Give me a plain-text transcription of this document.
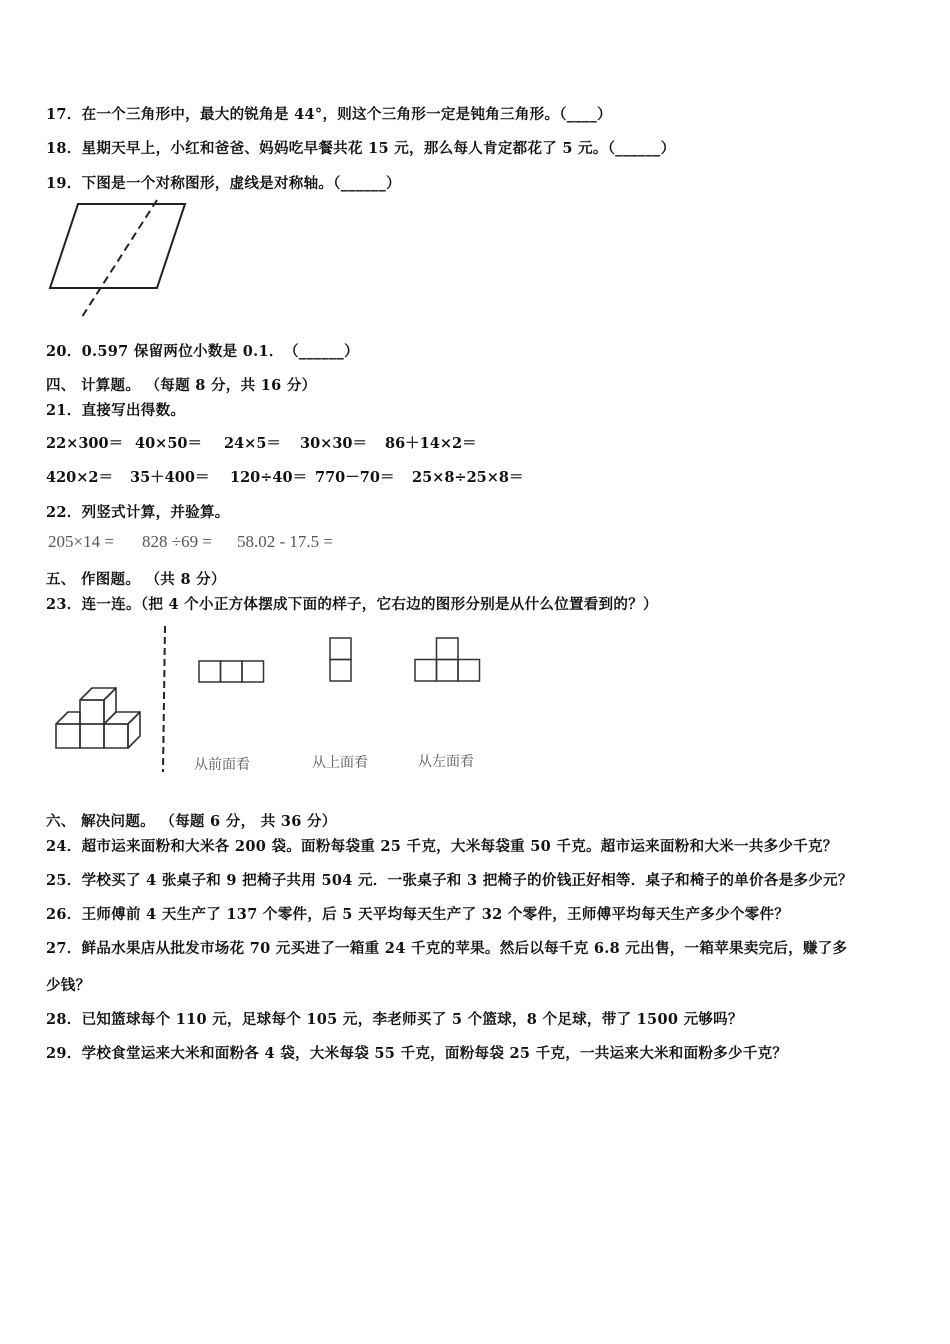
17．在一个三角形中，最大的锐角是 44°，则这个三角形一定是钝角三角形。（____）
18．星期天早上，小红和爸爸、妈妈吃早餐共花 15 元，那么每人肯定都花了 5 元。（______）
19．下图是一个对称图形，虚线是对称轴。（______）
20．0.597 保留两位小数是 0.1．　（______）
四、 计算题。 （每题 8 分，共 16 分）
21．直接写出得数。
22×300＝ 40×50＝ 24×5＝ 30×30＝ 86＋14×2＝
420×2＝ 35＋400＝ 120÷40＝ 770－70＝ 25×8÷25×8＝
22．列竖式计算，并验算。
205×14 = 828 ÷69 = 58.02 - 17.5 =
五、 作图题。 （共 8 分）
23．连一连。（把 4 个小正方体摆成下面的样子，它右边的图形分别是从什么位置看到的？）
从前面看	从上面看	从左面看
六、 解决问题。 （每题 6 分， 共 36 分）
24．超市运来面粉和大米各 200 袋。面粉每袋重 25 千克，大米每袋重 50 千克。超市运来面粉和大米一共多少千克？
25．学校买了 4 张桌子和 9 把椅子共用 504 元．一张桌子和 3 把椅子的价钱正好相等．桌子和椅子的单价各是多少元？
26．王师傅前 4 天生产了 137 个零件，后 5 天平均每天生产了 32 个零件，王师傅平均每天生产多少个零件？
27．鲜品水果店从批发市场花 70 元买进了一箱重 24 千克的苹果。然后以每千克 6.8 元出售，一箱苹果卖完后，赚了多
少钱？
28．已知篮球每个 110 元，足球每个 105 元，李老师买了 5 个篮球，8 个足球，带了 1500 元够吗？
29．学校食堂运来大米和面粉各 4 袋，大米每袋 55 千克，面粉每袋 25 千克，一共运来大米和面粉多少千克？
